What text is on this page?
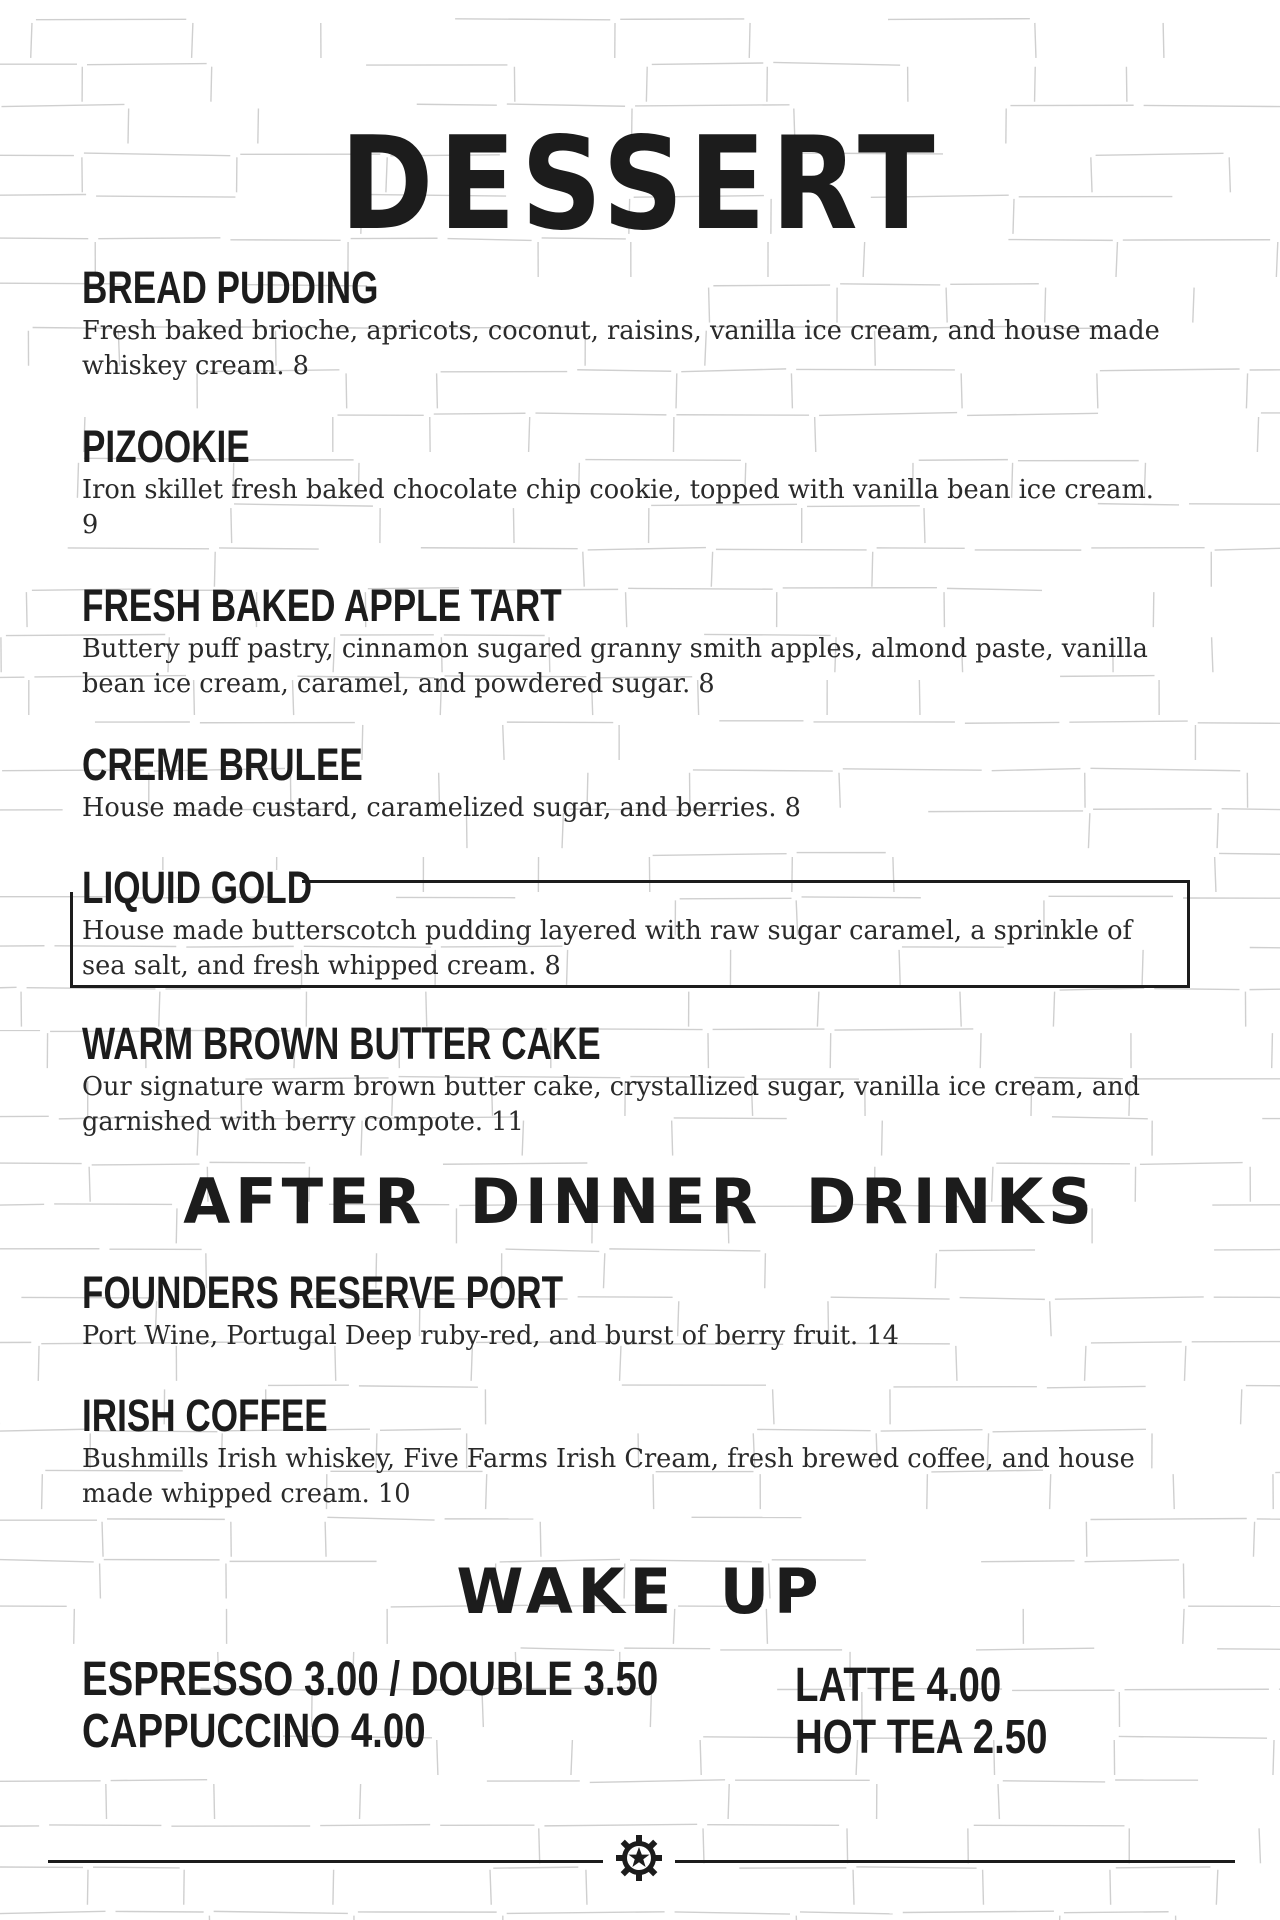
DESSERT
BREAD PUDDING
Fresh baked brioche, apricots, coconut, raisins, vanilla ice cream, and house made whiskey cream. 8
PIZOOKIE
Iron skillet fresh baked chocolate chip cookie, topped with vanilla bean ice cream. 9
FRESH BAKED APPLE TART
Buttery puff pastry, cinnamon sugared granny smith apples, almond paste, vanilla bean ice cream, caramel, and powdered sugar. 8
CREME BRULEE
House made custard, caramelized sugar, and berries. 8
LIQUID GOLD
House made butterscotch pudding layered with raw sugar caramel, a sprinkle of sea salt, and fresh whipped cream. 8
WARM BROWN BUTTER CAKE
Our signature warm brown butter cake, crystallized sugar, vanilla ice cream, and garnished with berry compote. 11
AFTER DINNER DRINKS
FOUNDERS RESERVE PORT
Port Wine, Portugal Deep ruby-red, and burst of berry fruit. 14
IRISH COFFEE
Bushmills Irish whiskey, Five Farms Irish Cream, fresh brewed coffee, and house made whipped cream. 10
WAKE UP
ESPRESSO 3.00 / DOUBLE 3.50
CAPPUCCINO 4.00
LATTE 4.00
HOT TEA 2.50
